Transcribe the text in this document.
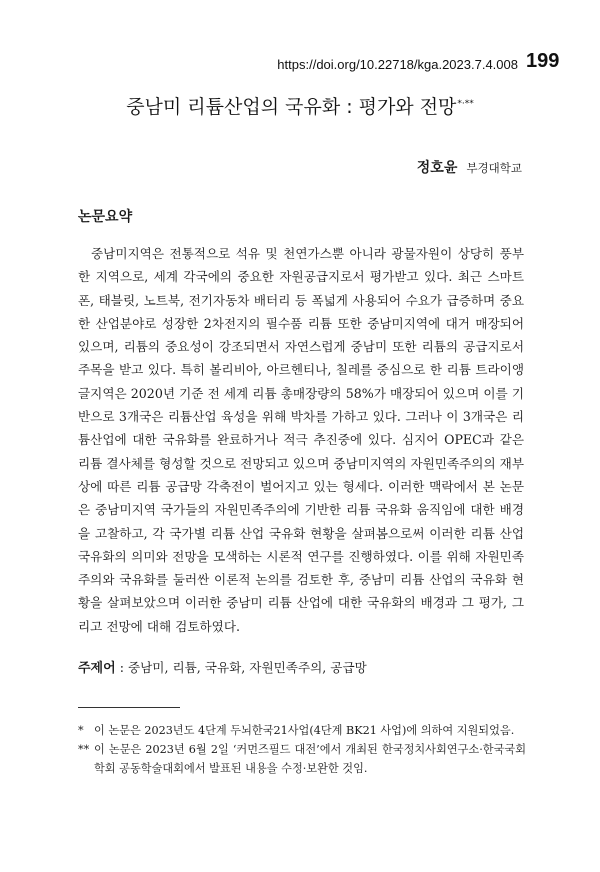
https://doi.org/10.22718/kga.2023.7.4.008 199
중남미 리튬산업의 국유화 : 평가와 전망*·**
정호윤 부경대학교
논문요약

중남미지역은 전통적으로 석유 및 천연가스뿐 아니라 광물자원이 상당히 풍부한 지역으로, 세계 각국에의 중요한 자원공급지로서 평가받고 있다. 최근 스마트폰, 태블릿, 노트북, 전기자동차 배터리 등 폭넓게 사용되어 수요가 급증하며 중요한 산업분야로 성장한 2차전지의 필수품 리튬 또한 중남미지역에 대거 매장되어 있으며, 리튬의 중요성이 강조되면서 자연스럽게 중남미 또한 리튬의 공급지로서 주목을 받고 있다. 특히 볼리비아, 아르헨티나, 칠레를 중심으로 한 리튬 트라이앵글지역은 2020년 기준 전 세계 리튬 총매장량의 58%가 매장되어 있으며 이를 기반으로 3개국은 리튬산업 육성을 위해 박차를 가하고 있다. 그러나 이 3개국은 리튬산업에 대한 국유화를 완료하거나 적극 추진중에 있다. 심지어 OPEC과 같은 리튬 결사체를 형성할 것으로 전망되고 있으며 중남미지역의 자원민족주의의 재부상에 따른 리튬 공급망 각축전이 벌어지고 있는 형세다. 이러한 맥락에서 본 논문은 중남미지역 국가들의 자원민족주의에 기반한 리튬 국유화 움직임에 대한 배경을 고찰하고, 각 국가별 리튬 산업 국유화 현황을 살펴봄으로써 이러한 리튬 산업 국유화의 의미와 전망을 모색하는 시론적 연구를 진행하였다. 이를 위해 자원민족주의와 국유화를 둘러싼 이론적 논의를 검토한 후, 중남미 리튬 산업의 국유화 현황을 살펴보았으며 이러한 중남미 리튬 산업에 대한 국유화의 배경과 그 평가, 그리고 전망에 대해 검토하였다.

주제어 : 중남미, 리튬, 국유화, 자원민족주의, 공급망
* 이 논문은 2023년도 4단계 두뇌한국21사업(4단계 BK21 사업)에 의하여 지원되었음.
** 이 논문은 2023년 6월 2일 ‘커먼즈필드 대전’에서 개최된 한국정치사회연구소·한국국회학회 공동학술대회에서 발표된 내용을 수정·보완한 것임.
